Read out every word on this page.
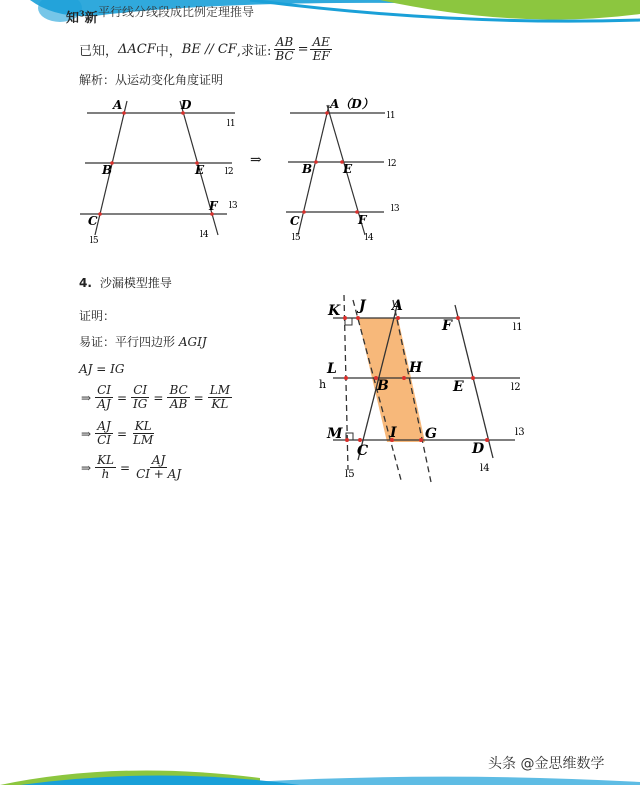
知$^3$新 平行线分线段成比例定理推导
已知， ΔACF 中， BE // CF ,求证: $\frac{AB}{BC} = \frac{AE}{EF}$
解析：从运动变化角度证明
A	D
B	E
C
F
l1
l2
l3
l4
l5
⇒
A（D）
B	E
C	F
l1
l2
l3
l4
l5
4. 沙漏模型推导
证明：
易证：平行四边形 AGIJ
AJ = IG
⇒ $\frac{CI}{AJ} = \frac{CI}{IG} = \frac{BC}{AB} = \frac{LM}{KL}$
⇒ $\frac{AJ}{CI} = \frac{KL}{LM}$
⇒ $\frac{KL}{h} = \frac{AJ}{CI + AJ}$
K J A
F
L	H
B	E
M
C
I G
D
h
l1
l2
l3
l4
l5
头条 @金思维数学
